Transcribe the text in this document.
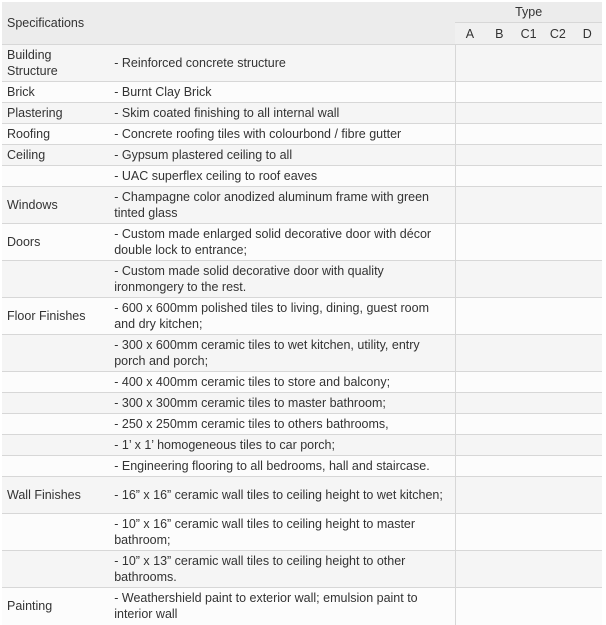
Specifications		Type				
		A	B	C1	C2	D
Building Structure	- Reinforced concrete structure					
Brick	- Burnt Clay Brick					
Plastering	- Skim coated finishing to all internal wall					
Roofing	- Concrete roofing tiles with colourbond / fibre gutter					
Ceiling	- Gypsum plastered ceiling to all					
	- UAC superflex ceiling to roof eaves					
Windows	- Champagne color anodized aluminum frame with green tinted glass					
Doors	- Custom made enlarged solid decorative door with décor double lock to entrance;					
	- Custom made solid decorative door with quality ironmongery to the rest.					
Floor Finishes	- 600 x 600mm polished tiles to living, dining, guest room and dry kitchen;					
	- 300 x 600mm ceramic tiles to wet kitchen, utility, entry porch and porch;					
	- 400 x 400mm ceramic tiles to store and balcony;					
	- 300 x 300mm ceramic tiles to master bathroom;					
	- 250 x 250mm ceramic tiles to others bathrooms,					
	- 1’ x 1’ homogeneous tiles to car porch;					
	- Engineering flooring to all bedrooms, hall and staircase.					
Wall Finishes	- 16” x 16” ceramic wall tiles to ceiling height to wet kitchen;					
	- 10” x 16” ceramic wall tiles to ceiling height to master bathroom;					
	- 10” x 13” ceramic wall tiles to ceiling height to other bathrooms.					
Painting	- Weathershield paint to exterior wall; emulsion paint to interior wall					
